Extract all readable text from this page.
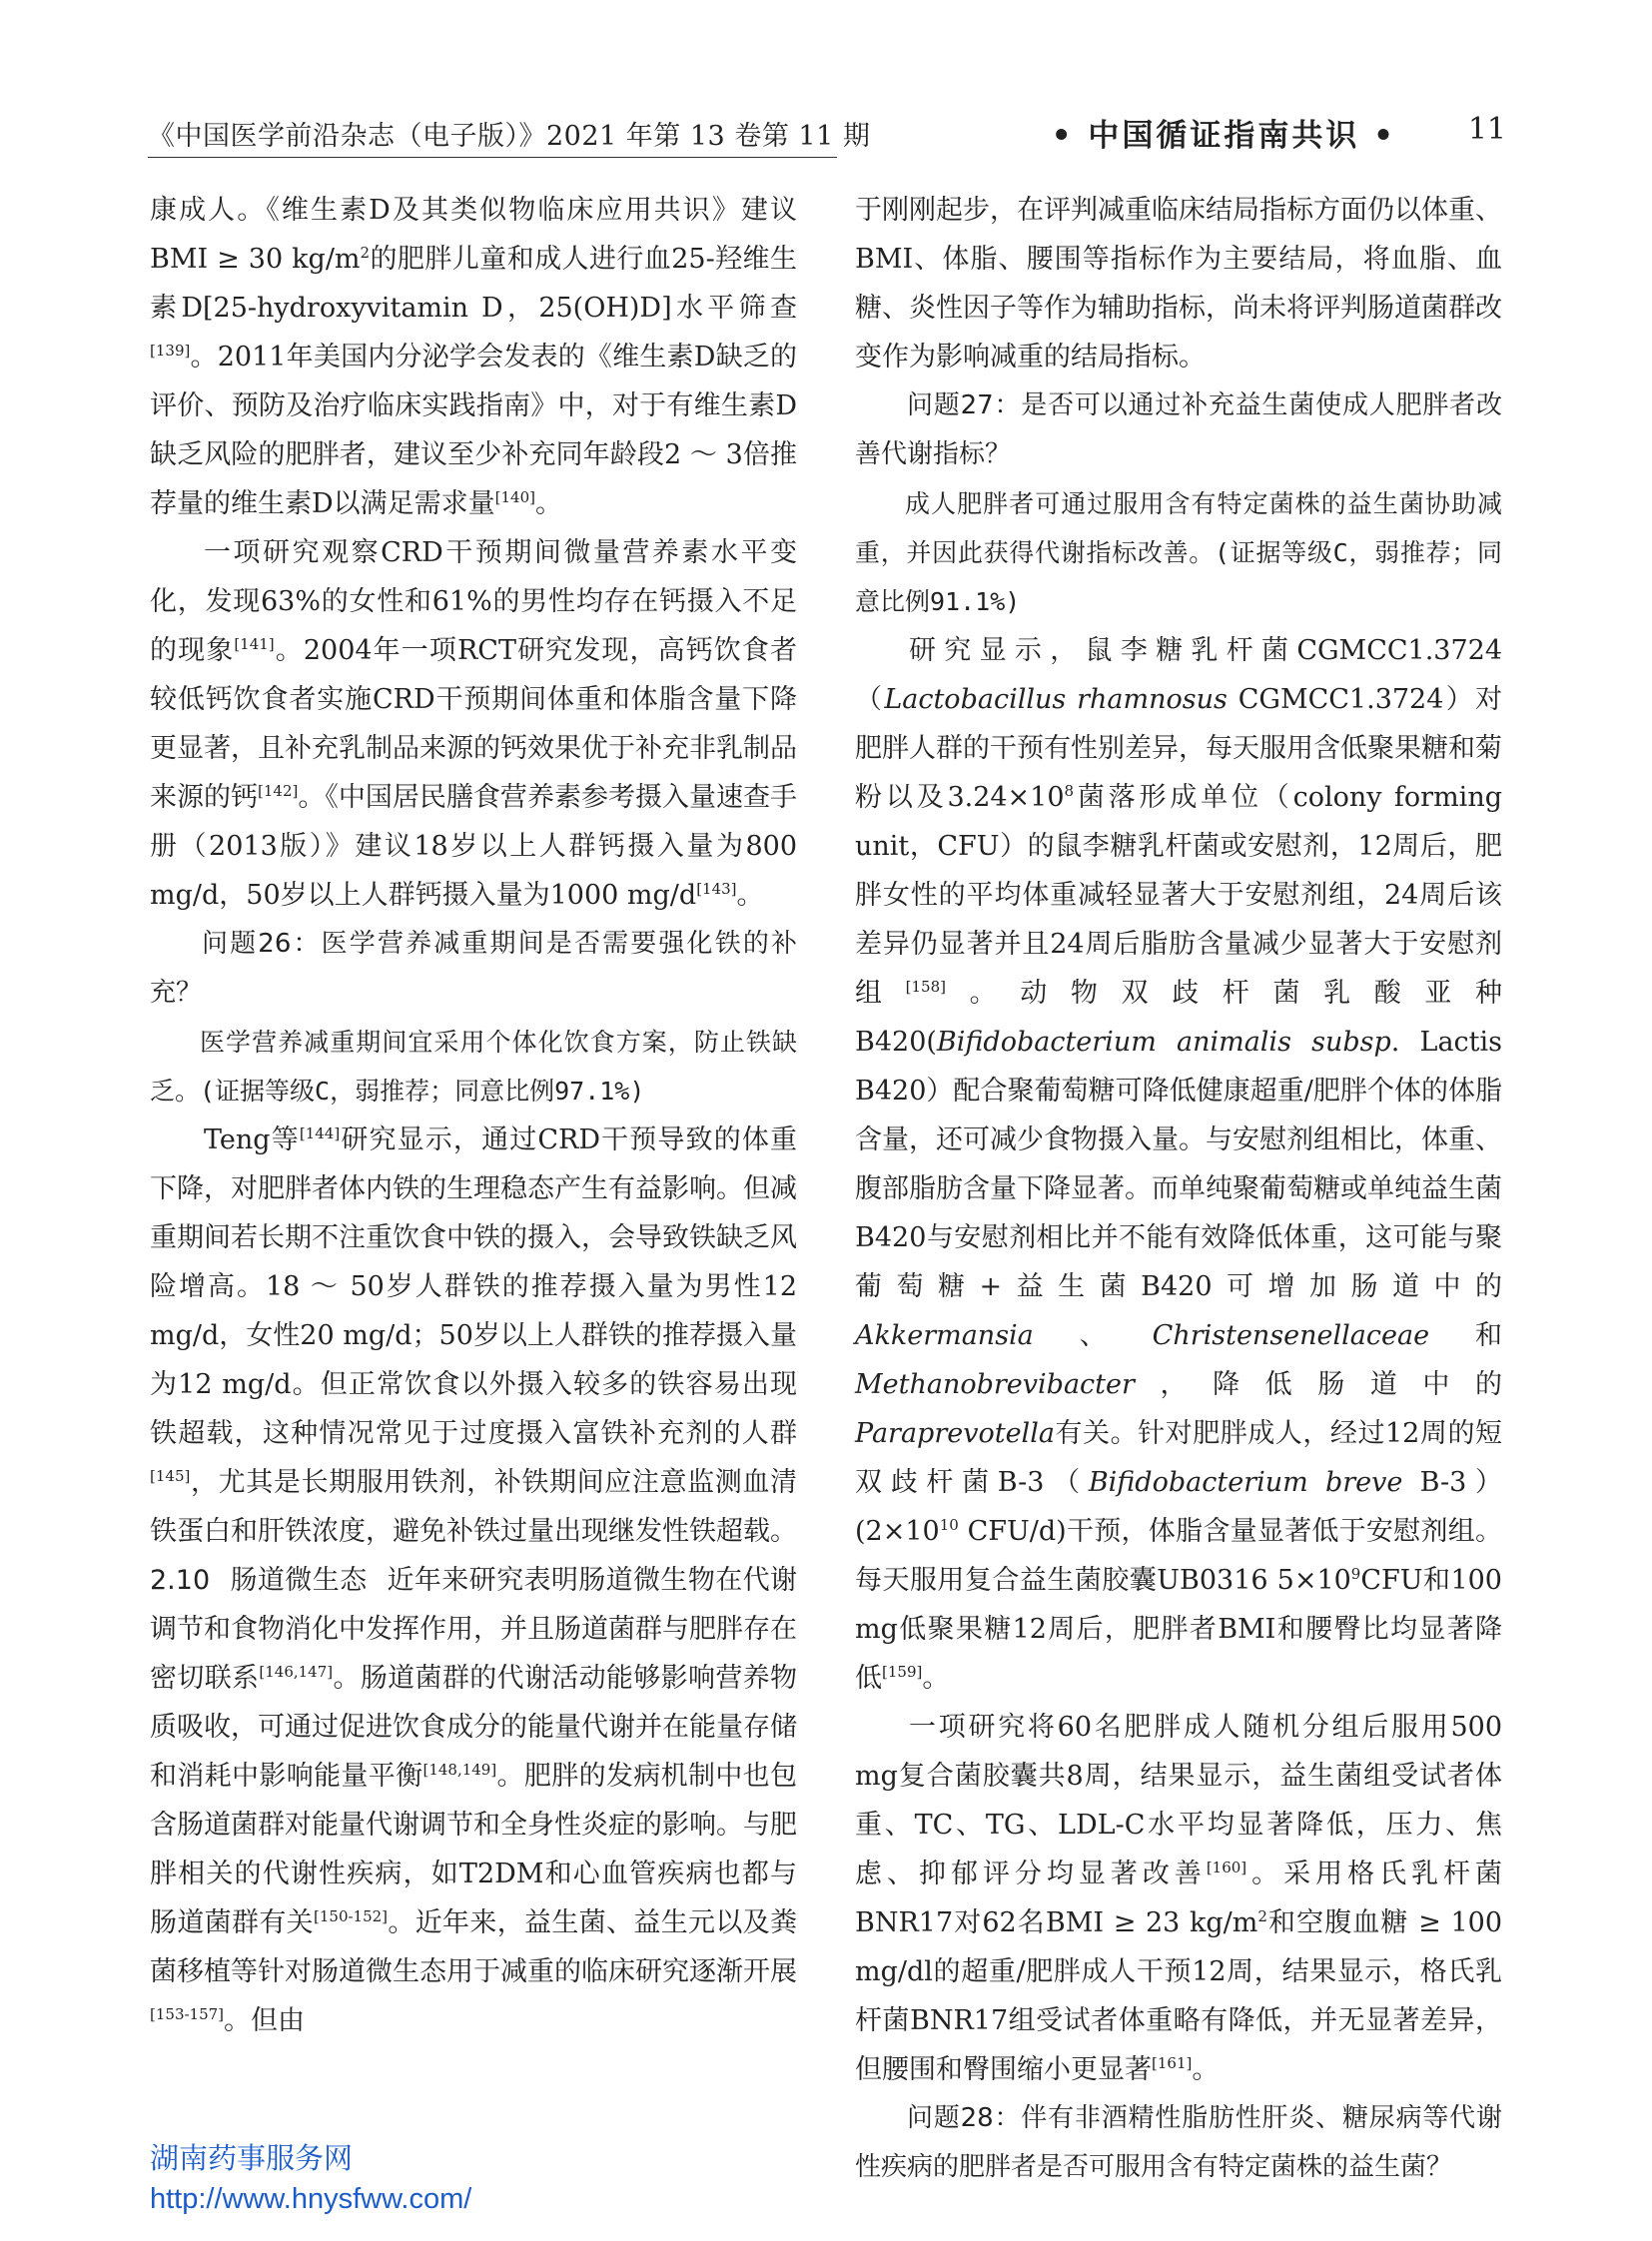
《中国医学前沿杂志（电子版）》2021 年第 13 卷第 11 期	• 中国循证指南共识 • 11

康成人。《维生素D及其类似物临床应用共识》建议BMI ≥ 30 $kg/m^2$的肥胖儿童和成人进行血25-羟维生素D[25-hydroxyvitamin D，25(OH)D]水平筛查[139]。2011年美国内分泌学会发表的《维生素D缺乏的评价、预防及治疗临床实践指南》中，对于有维生素D缺乏风险的肥胖者，建议至少补充同年龄段2 ～ 3倍推荐量的维生素D以满足需求量[140]。

一项研究观察CRD干预期间微量营养素水平变化，发现63%的女性和61%的男性均存在钙摄入不足的现象[141]。2004年一项RCT研究发现，高钙饮食者较低钙饮食者实施CRD干预期间体重和体脂含量下降更显著，且补充乳制品来源的钙效果优于补充非乳制品来源的钙[142]。《中国居民膳食营养素参考摄入量速查手册（2013版）》建议18岁以上人群钙摄入量为800 mg/d，50岁以上人群钙摄入量为1000 mg/d[143]。

问题26：医学营养减重期间是否需要强化铁的补充？

医学营养减重期间宜采用个体化饮食方案，防止铁缺乏。(证据等级C，弱推荐；同意比例97.1%)

Teng等[144]研究显示，通过CRD干预导致的体重下降，对肥胖者体内铁的生理稳态产生有益影响。但减重期间若长期不注重饮食中铁的摄入，会导致铁缺乏风险增高。18 ～ 50岁人群铁的推荐摄入量为男性12 mg/d，女性20 mg/d；50岁以上人群铁的推荐摄入量为12 mg/d。但正常饮食以外摄入较多的铁容易出现铁超载，这种情况常见于过度摄入富铁补充剂的人群[145]，尤其是长期服用铁剂，补铁期间应注意监测血清铁蛋白和肝铁浓度，避免补铁过量出现继发性铁超载。

2.10 肠道微生态 近年来研究表明肠道微生物在代谢调节和食物消化中发挥作用，并且肠道菌群与肥胖存在密切联系[146,147]。肠道菌群的代谢活动能够影响营养物质吸收，可通过促进饮食成分的能量代谢并在能量存储和消耗中影响能量平衡[148,149]。肥胖的发病机制中也包含肠道菌群对能量代谢调节和全身性炎症的影响。与肥胖相关的代谢性疾病，如T2DM和心血管疾病也都与肠道菌群有关[150-152]。近年来，益生菌、益生元以及粪菌移植等针对肠道微生态用于减重的临床研究逐渐开展[153-157]。但由

于刚刚起步，在评判减重临床结局指标方面仍以体重、BMI、体脂、腰围等指标作为主要结局，将血脂、血糖、炎性因子等作为辅助指标，尚未将评判肠道菌群改变作为影响减重的结局指标。

问题27：是否可以通过补充益生菌使成人肥胖者改善代谢指标？

成人肥胖者可通过服用含有特定菌株的益生菌协助减重，并因此获得代谢指标改善。(证据等级C，弱推荐；同意比例91.1%)

研究显示，鼠李糖乳杆菌CGMCC1.3724（Lactobacillus rhamnosus CGMCC1.3724）对肥胖人群的干预有性别差异，每天服用含低聚果糖和菊粉以及$3.24\times 10^8$菌落形成单位（colony forming unit，CFU）的鼠李糖乳杆菌或安慰剂，12周后，肥胖女性的平均体重减轻显著大于安慰剂组，24周后该差异仍显著并且24周后脂肪含量减少显著大于安慰剂组[158]。动物双歧杆菌乳酸亚种B420(Bifidobacterium animalis subsp. Lactis B420）配合聚葡萄糖可降低健康超重/肥胖个体的体脂含量，还可减少食物摄入量。与安慰剂组相比，体重、腹部脂肪含量下降显著。而单纯聚葡萄糖或单纯益生菌B420与安慰剂相比并不能有效降低体重，这可能与聚葡萄糖+益生菌B420可增加肠道中的Akkermansia、Christensenellaceae和Methanobrevibacter，降低肠道中的Paraprevotella有关。针对肥胖成人，经过12周的短双歧杆菌B-3（Bifidobacterium breve $B-3)(2\times 10^{10}$ CFU/d)干预，体脂含量显著低于安慰剂组。每天服用复合益生菌胶囊UB0316 $5\times 10^9CFU$和100 mg低聚果糖12周后，肥胖者BMI和腰臀比均显著降低[159]。

一项研究将60名肥胖成人随机分组后服用500 mg复合菌胶囊共8周，结果显示，益生菌组受试者体重、TC、TG、LDL-C水平均显著降低，压力、焦虑、抑郁评分均显著改善[160]。采用格氏乳杆菌BNR17对62名BMI ≥ 23 $kg/m^2$和空腹血糖 ≥ 100 mg/dl的超重/肥胖成人干预12周，结果显示，格氏乳杆菌BNR17组受试者体重略有降低，并无显著差异，但腰围和臀围缩小更显著[161]。

问题28：伴有非酒精性脂肪性肝炎、糖尿病等代谢性疾病的肥胖者是否可服用含有特定菌株的益生菌？

湖南药事服务网
http://www.hnysfww.com/
